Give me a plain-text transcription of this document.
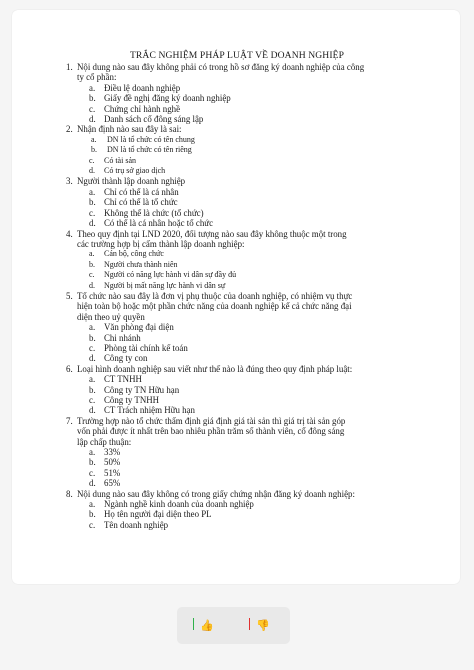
TRẮC NGHIỆM PHÁP LUẬT VỀ DOANH NGHIỆP
1. Nội dung nào sau đây không phải có trong hồ sơ đăng ký doanh nghiệp của công
ty cổ phần:
a. Điều lệ doanh nghiệp
b. Giấy đề nghị đăng ký doanh nghiệp
c. Chứng chỉ hành nghề
d. Danh sách cổ đông sáng lập
2. Nhận định nào sau đây là sai:
a. DN là tổ chức có tên chung
b. DN là tổ chức có tên riêng
c. Có tài sản
d. Có trụ sở giao dịch
3. Người thành lập doanh nghiệp
a. Chỉ có thể là cá nhân
b. Chỉ có thể là tổ chức
c. Không thể là chức (tổ chức)
d. Có thể là cá nhân hoặc tổ chức
4. Theo quy định tại LND 2020, đối tượng nào sau đây không thuộc một trong
các trường hợp bị cấm thành lập doanh nghiệp:
a. Cán bộ, công chức
b. Người chưa thành niên
c. Người có năng lực hành vi dân sự đầy đủ
d. Người bị mất năng lực hành vi dân sự
5. Tổ chức nào sau đây là đơn vị phụ thuộc của doanh nghiệp, có nhiệm vụ thực
hiện toàn bộ hoặc một phần chức năng của doanh nghiệp kể cả chức năng đại
diện theo uỷ quyền
a. Văn phòng đại diện
b. Chi nhánh
c. Phòng tài chính kế toán
d. Công ty con
6. Loại hình doanh nghiệp sau viết như thế nào là đúng theo quy định pháp luật:
a. CT TNHH
b. Công ty TN Hữu hạn
c. Công ty TNHH
d. CT Trách nhiệm Hữu hạn
7. Trường hợp nào tổ chức thẩm định giá định giá tài sản thì giá trị tài sản góp
vốn phải được ít nhất trên bao nhiêu phần trăm số thành viên, cổ đông sáng
lập chấp thuận:
a. 33%
b. 50%
c. 51%
d. 65%
8. Nội dung nào sau đây không có trong giấy chứng nhận đăng ký doanh nghiệp:
a. Ngành nghề kinh doanh của doanh nghiệp
b. Họ tên người đại diện theo PL
c. Tên doanh nghiệp
👍	👎
